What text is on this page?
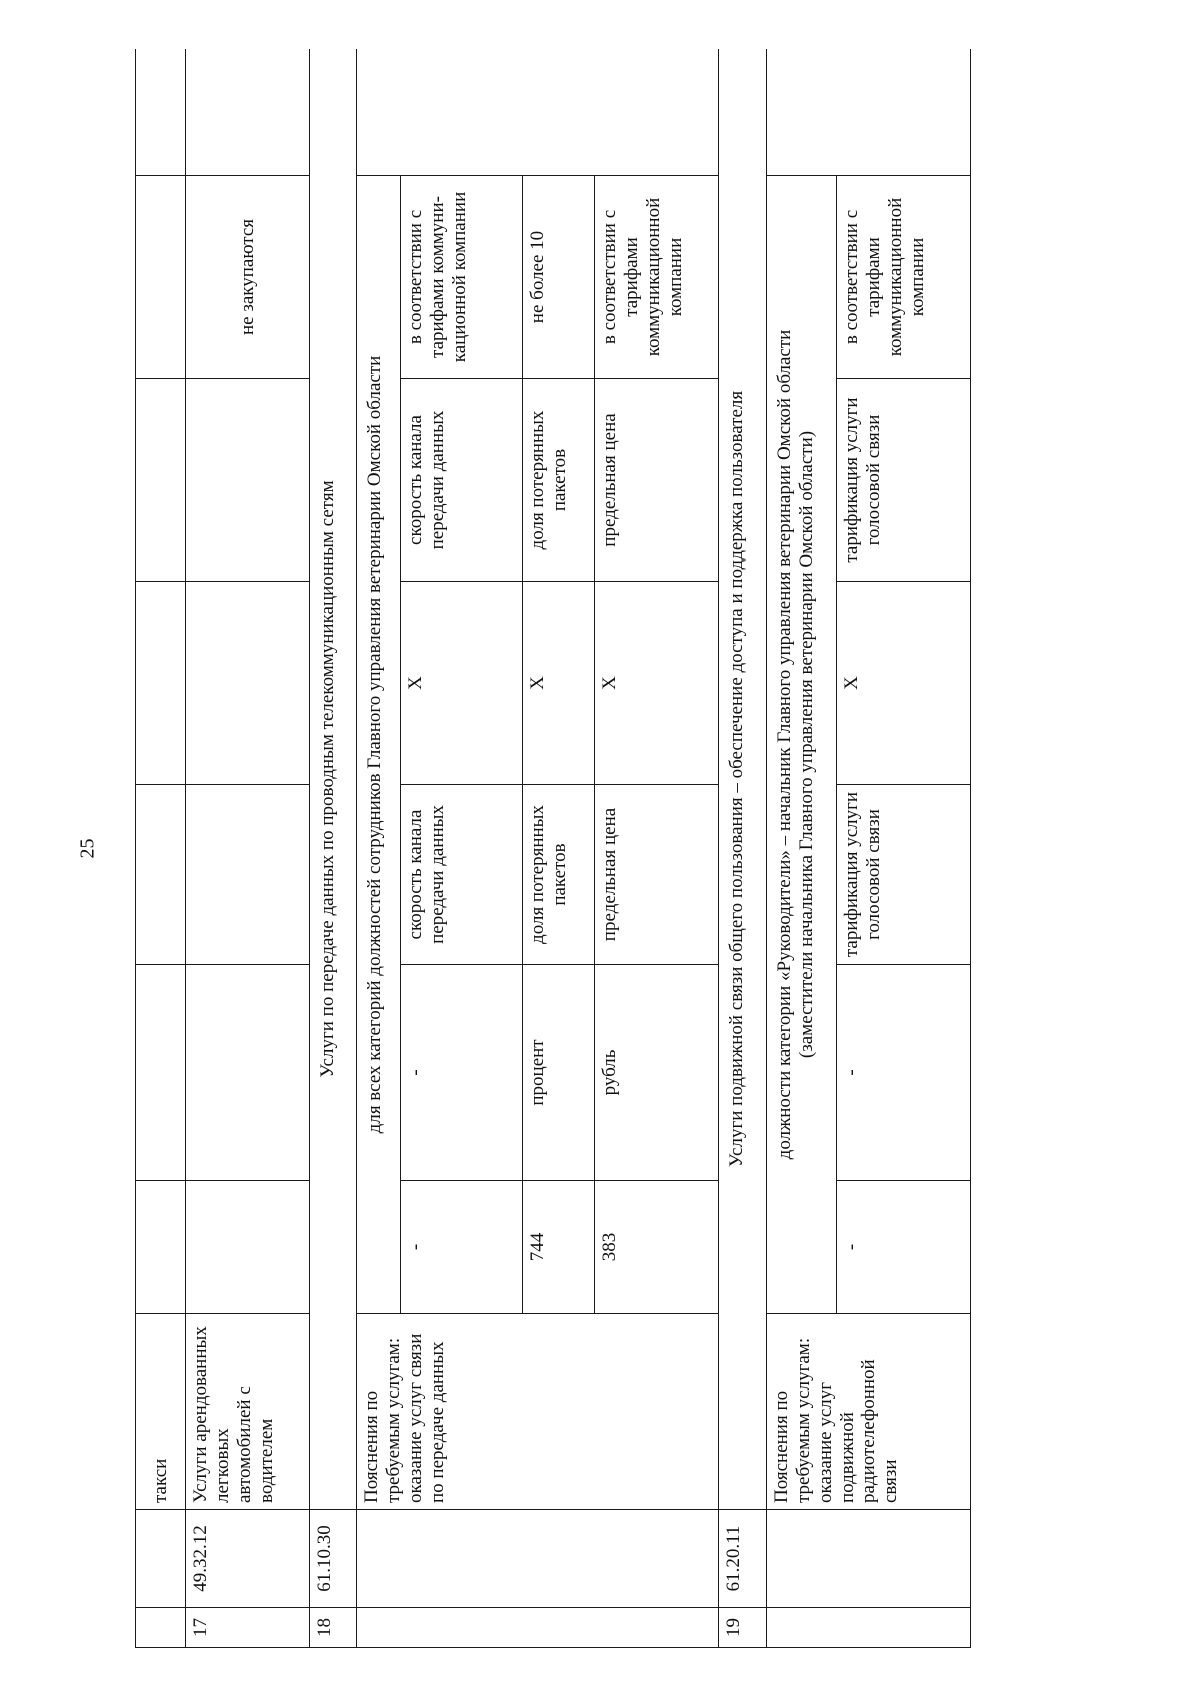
25
		такси							
17	49.32.12	Услуги арендованных легковых автомобилей с водителем						не закупаются	
18	61.10.30	Услуги по передаче данных по проводным телекоммуникационным сетям							
		Пояснения по требуемым услугам: оказание услуг связи по передаче данных	для всех категорий должностей сотрудников Главного управления ветеринарии Омской области						
			-	-	скорость канала передачи данных	Х	скорость канала передачи данных	в соответствии с тарифами коммуни-кационной компании	
			744	процент	доля потерянных пакетов	Х	доля потерянных пакетов	не более 10	
			383	рубль	предельная цена	Х	предельная цена	в соответствии с тарифами коммуникационной компании	
19	61.20.11	Услуги подвижной связи общего пользования – обеспечение доступа и поддержка пользователя							
		Пояснения по требуемым услугам: оказание услуг подвижной радиотелефонной связи	должности категории «Руководители» – начальник Главного управления ветеринарии Омской области (заместители начальника Главного управления ветеринарии Омской области)						

			-	-	тарификация услуги голосовой связи	Х	тарификация услуги голосовой связи	в соответствии с тарифами коммуникационной компании	
